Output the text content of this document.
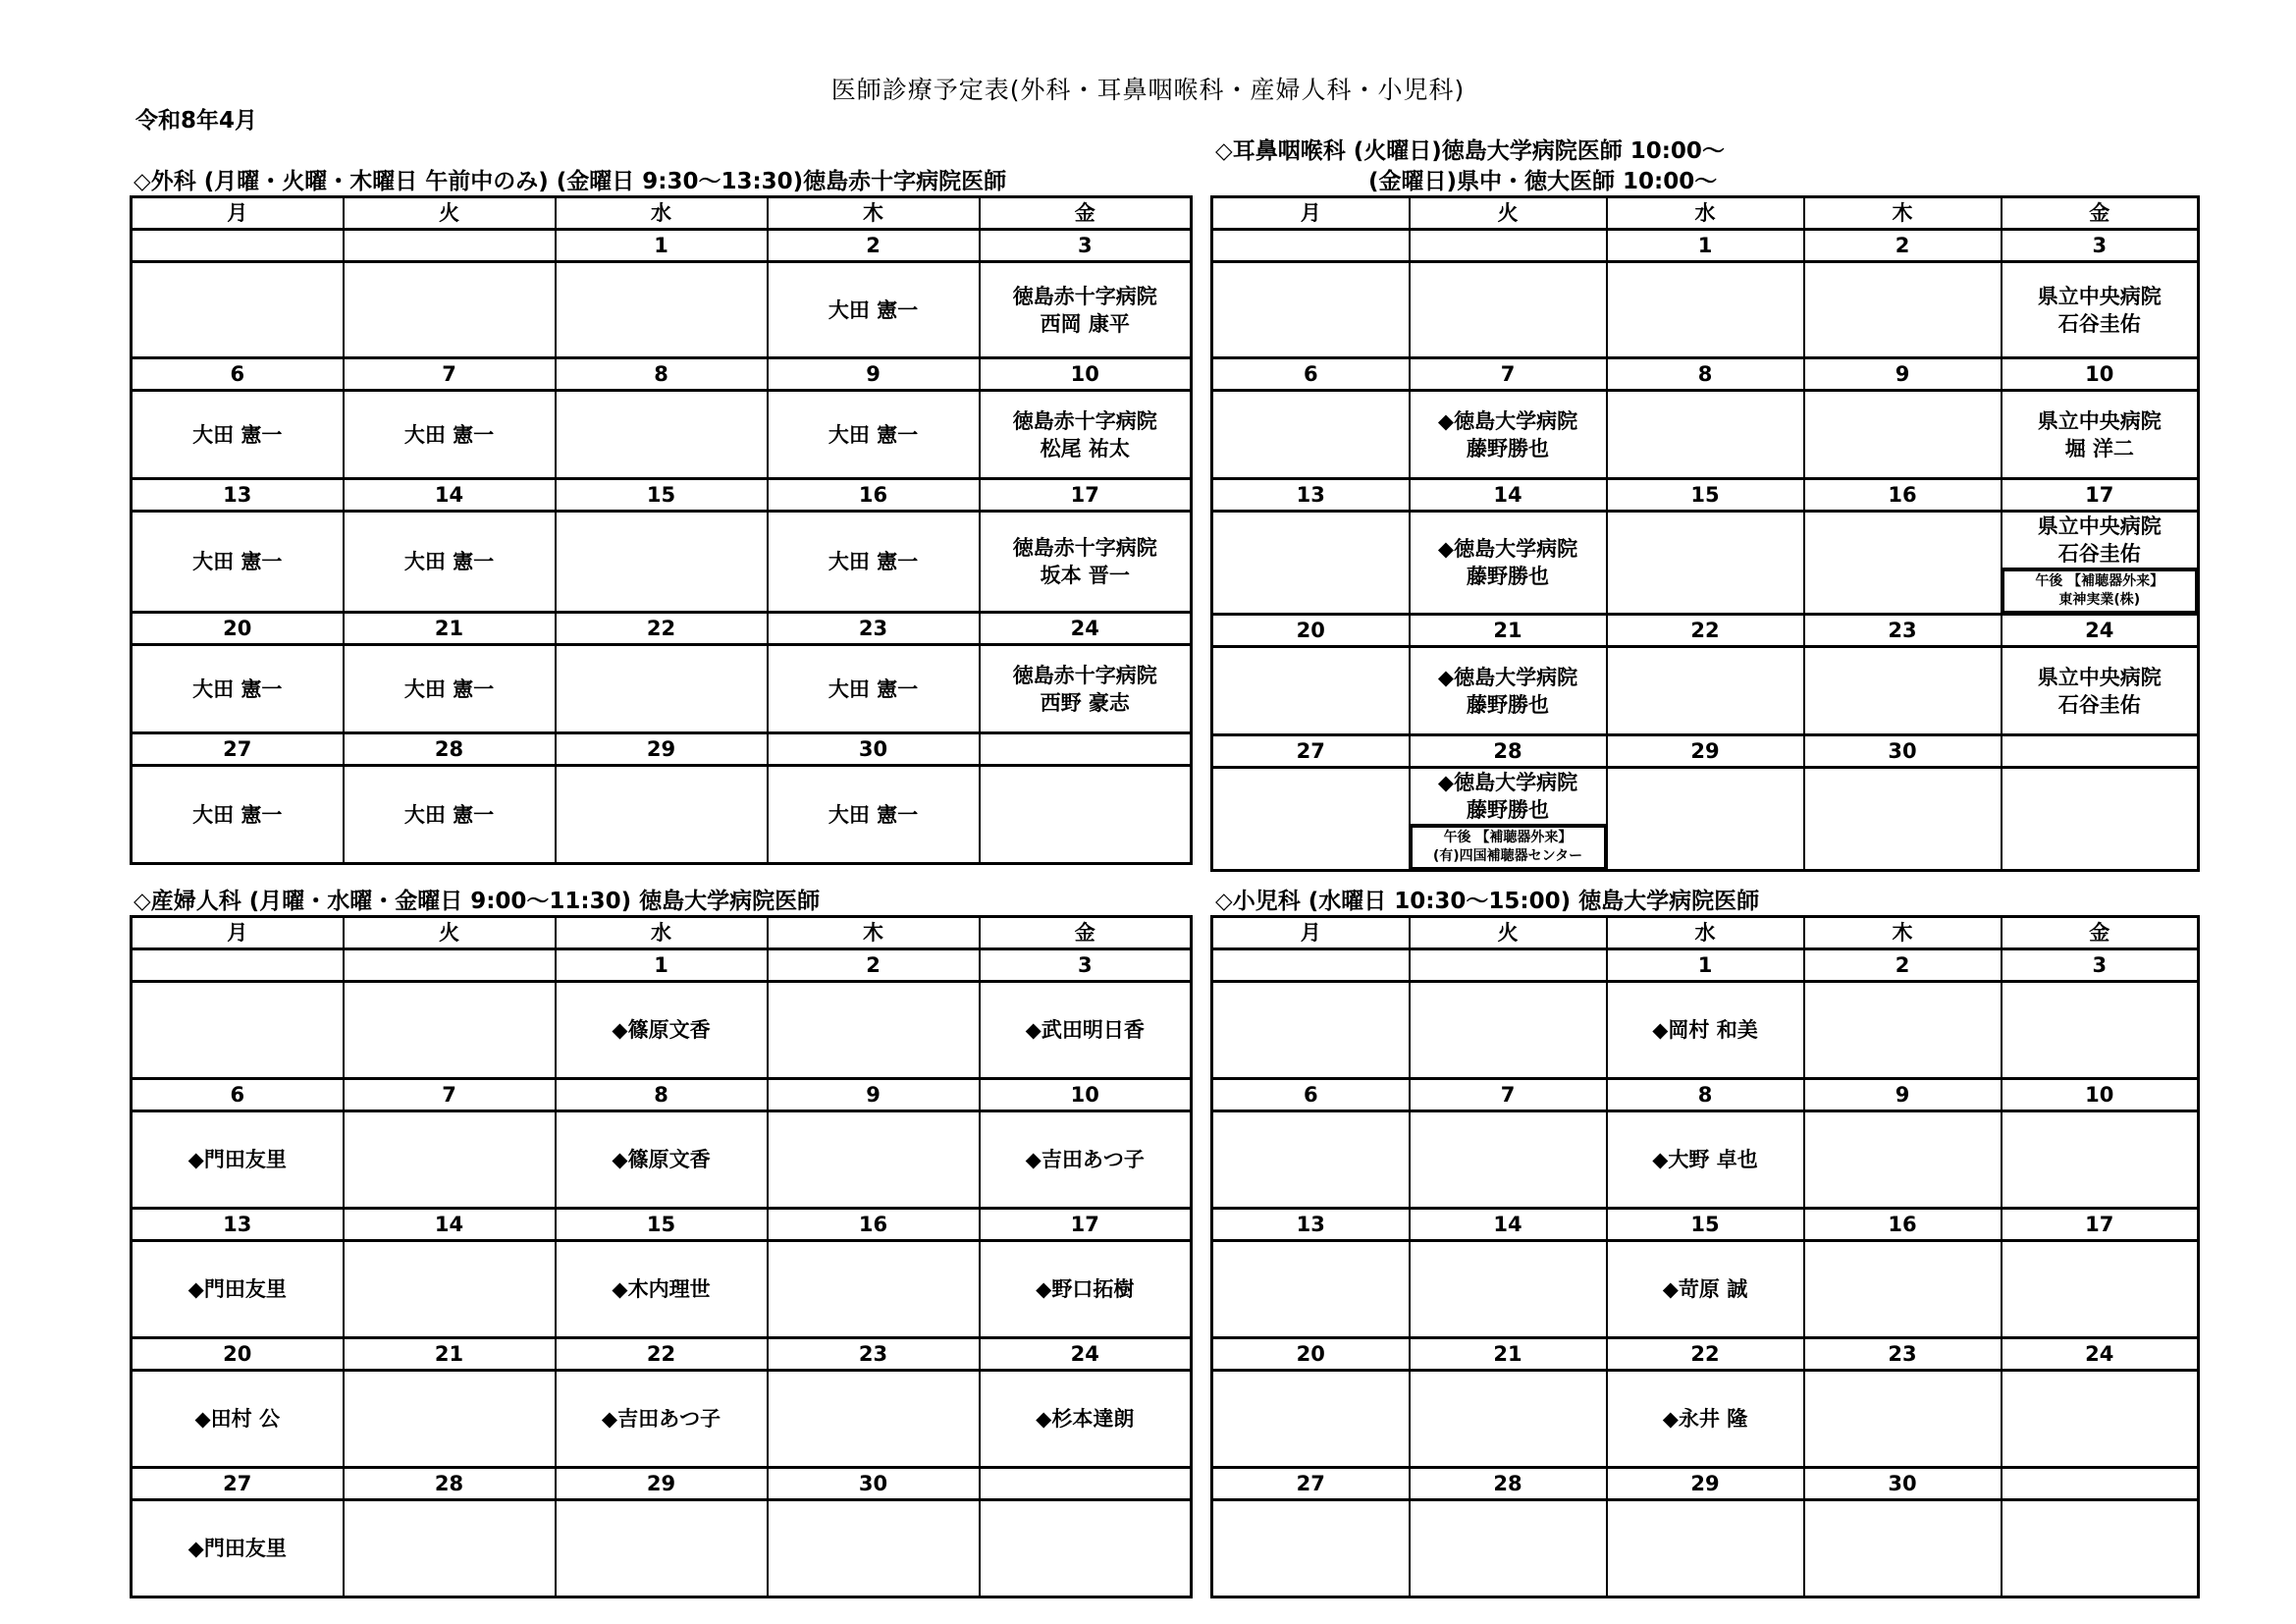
医師診療予定表(外科・耳鼻咽喉科・産婦人科・小児科)
令和8年4月
◇外科 (月曜・火曜・木曜日 午前中のみ) (金曜日 9:30～13:30)徳島赤十字病院医師
月	火	水	木	金
		1	2	3

			大田 憲一	徳島赤十字病院
西岡 康平

6	7	8	9	10

大田 憲一	大田 憲一		大田 憲一	徳島赤十字病院
松尾 祐太

13	14	15	16	17

大田 憲一	大田 憲一		大田 憲一	徳島赤十字病院
坂本 晋一

20	21	22	23	24

大田 憲一	大田 憲一		大田 憲一	徳島赤十字病院
西野 豪志

27	28	29	30	

大田 憲一	大田 憲一		大田 憲一	

◇耳鼻咽喉科 (火曜日)徳島大学病院医師 10:00～
(金曜日)県中・徳大医師 10:00～
月	火	水	木	金
		1	2	3

				県立中央病院
石谷圭佑

6	7	8	9	10

	◆徳島大学病院
藤野勝也			県立中央病院
堀 洋二

13	14	15	16	17

	◆徳島大学病院
藤野勝也			県立中央病院
石谷圭佑
午後 【補聴器外来】
東神実業(株)

20	21	22	23	24

	◆徳島大学病院
藤野勝也			県立中央病院
石谷圭佑

27	28	29	30	

	◆徳島大学病院
藤野勝也
午後 【補聴器外来】
(有)四国補聴器センター			

◇産婦人科 (月曜・水曜・金曜日 9:00～11:30) 徳島大学病院医師
月	火	水	木	金
		1	2	3

		◆篠原文香		◆武田明日香

6	7	8	9	10

◆門田友里		◆篠原文香		◆吉田あつ子

13	14	15	16	17

◆門田友里		◆木内理世		◆野口拓樹

20	21	22	23	24

◆田村 公		◆吉田あつ子		◆杉本達朗

27	28	29	30	

◆門田友里				

◇小児科 (水曜日 10:30～15:00) 徳島大学病院医師
月	火	水	木	金
		1	2	3

		◆岡村 和美		

6	7	8	9	10

		◆大野 卓也		

13	14	15	16	17

		◆苛原 誠		

20	21	22	23	24

		◆永井 隆		

27	28	29	30	
